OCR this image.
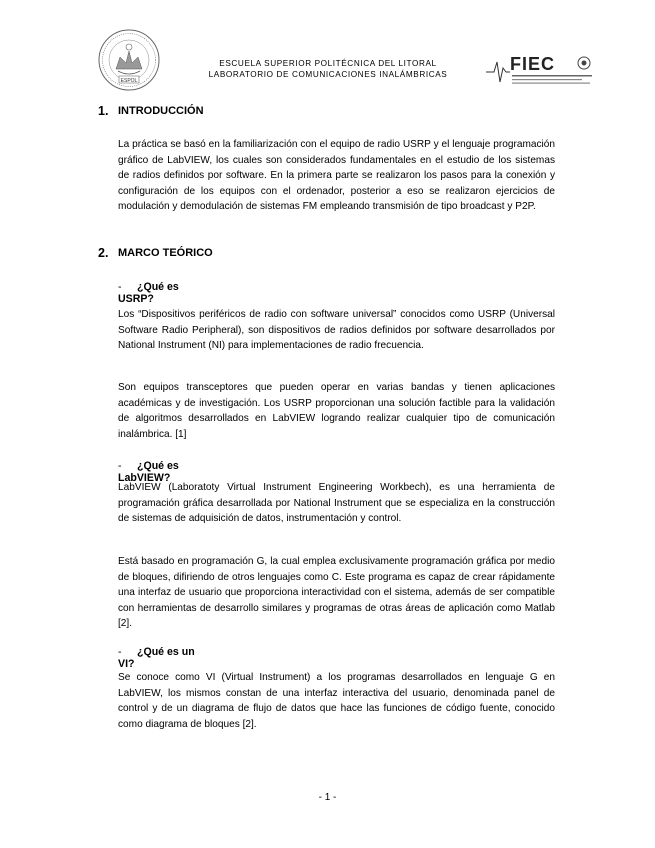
ESPOL
ESCUELA SUPERIOR POLITÉCNICA DEL LITORAL
LABORATORIO DE COMUNICACIONES INALÁMBRICAS
FIEC
1. INTRODUCCIÓN

La práctica se basó en la familiarización con el equipo de radio USRP y el lenguaje programación gráfico de LabVIEW, los cuales son considerados fundamentales en el estudio de los sistemas de radios definidos por software. En la primera parte se realizaron los pasos para la conexión y configuración de los equipos con el ordenador, posterior a eso se realizaron ejercicios de modulación y demodulación de sistemas FM empleando transmisión de tipo broadcast y P2P.

2. MARCO TEÓRICO
- ¿Qué es USRP?

Los “Dispositivos periféricos de radio con software universal” conocidos como USRP (Universal Software Radio Peripheral), son dispositivos de radios definidos por software desarrollados por National Instrument (NI) para implementaciones de radio frecuencia.

Son equipos transceptores que pueden operar en varias bandas y tienen aplicaciones académicas y de investigación. Los USRP proporcionan una solución factible para la validación de algoritmos desarrollados en LabVIEW logrando realizar cualquier tipo de comunicación inalámbrica. [1]

- ¿Qué es LabVIEW?

LabVIEW (Laboratoty Virtual Instrument Engineering Workbech), es una herramienta de programación gráfica desarrollada por National Instrument que se especializa en la construcción de sistemas de adquisición de datos, instrumentación y control.

Está basado en programación G, la cual emplea exclusivamente programación gráfica por medio de bloques, difiriendo de otros lenguajes como C. Este programa es capaz de crear rápidamente una interfaz de usuario que proporciona interactividad con el sistema, además de ser compatible con herramientas de desarrollo similares y programas de otras áreas de aplicación como Matlab [2].

- ¿Qué es un VI?

Se conoce como VI (Virtual Instrument) a los programas desarrollados en lenguaje G en LabVIEW, los mismos constan de una interfaz interactiva del usuario, denominada panel de control y de un diagrama de flujo de datos que hace las funciones de código fuente, conocido como diagrama de bloques [2].

- 1 -
